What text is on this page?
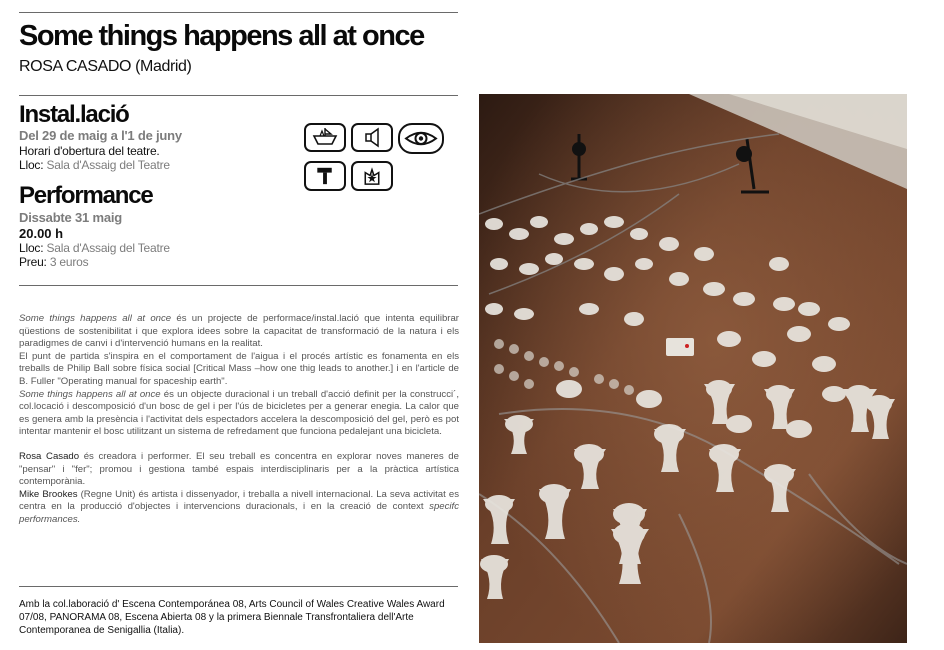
Some things happens all at once
ROSA CASADO (Madrid)
Instal.lació
Del 29 de maig a l'1 de juny
Horari d'obertura del teatre.
Lloc: Sala d'Assaig del Teatre
Performance
Dissabte 31 maig
20.00 h
Lloc: Sala d'Assaig del Teatre
Preu: 3 euros

Some things happens all at once és un projecte de performace/instal.lació que intenta equilibrar qüestions de sostenibilitat i que explora idees sobre la capacitat de transformació de la natura i els paradigmes de canvi i d'intervenció humans en la realitat.

El punt de partida s'inspira en el comportament de l'aigua i el procés artístic es fonamenta en els treballs de Philip Ball sobre física social [Critical Mass –how one thig leads to another.] i en l'article de B. Fuller "Operating manual for spaceship earth".

Some things happens all at once és un objecte duracional i un treball d'acció definit per la construcci´, col.locació i descomposició d'un bosc de gel i per l'ús de bicicletes per a generar enegia. La calor que es genera amb la presència i l'activitat dels espectadors accelera la descomposició del gel, però es pot intentar mantenir el bosc utilitzant un sistema de refredament que funciona pedalejant una bicicleta.

Rosa Casado és creadora i performer. El seu treball es concentra en explorar noves maneres de "pensar" i "fer"; promou i gestiona també espais interdisciplinaris per a la pràctica artística contemporània.

Mike Brookes (Regne Unit) és artista i dissenyador, i treballa a nivell internacional. La seva activitat es centra en la producció d'objectes i intervencions duracionals, i en la creació de context specifc performances.

Amb la col.laboració d' Escena Contemporánea 08, Arts Council of Wales Creative Wales Award 07/08, PANORAMA 08, Escena Abierta 08 y la primera Biennale Transfrontaliera dell'Arte Contemporanea de Senigallia (Italia).
